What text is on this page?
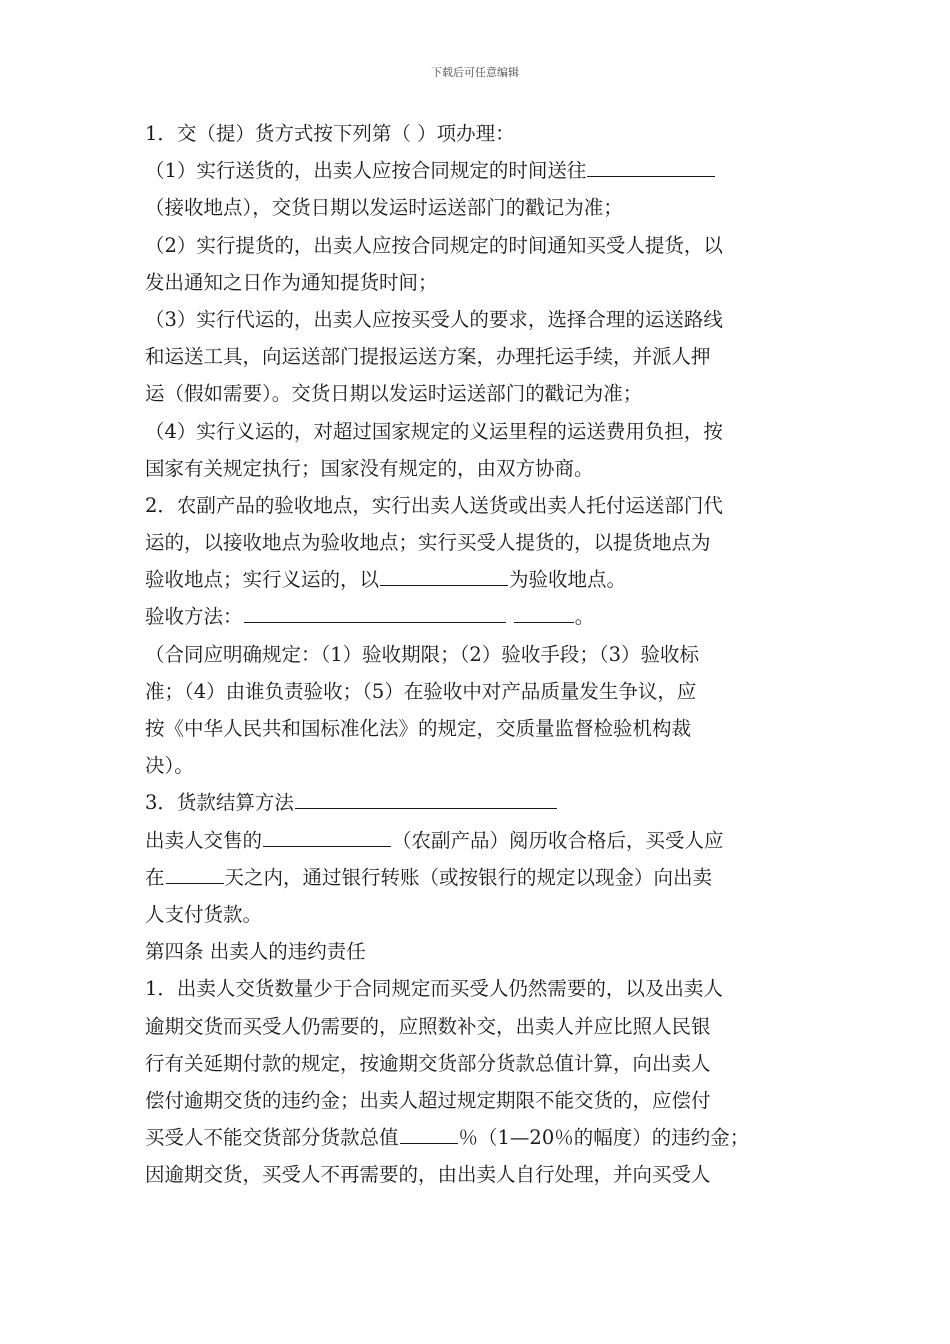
下载后可任意编辑
1．交（提）货方式按下列第（ ）项办理：
（1）实行送货的，出卖人应按合同规定的时间送往
（接收地点），交货日期以发运时运送部门的戳记为准；
（2）实行提货的，出卖人应按合同规定的时间通知买受人提货，以
发出通知之日作为通知提货时间；
（3）实行代运的，出卖人应按买受人的要求，选择合理的运送路线
和运送工具，向运送部门提报运送方案，办理托运手续，并派人押
运（假如需要）。交货日期以发运时运送部门的戳记为准；
（4）实行义运的，对超过国家规定的义运里程的运送费用负担，按
国家有关规定执行；国家没有规定的，由双方协商。
2．农副产品的验收地点，实行出卖人送货或出卖人托付运送部门代
运的，以接收地点为验收地点；实行买受人提货的，以提货地点为
验收地点；实行义运的，以	为验收地点。
验收方法：	。
（合同应明确规定：（1）验收期限；（2）验收手段；（3）验收标
准；（4）由谁负责验收；（5）在验收中对产品质量发生争议，应
按《中华人民共和国标准化法》的规定，交质量监督检验机构裁
决）。
3．货款结算方法
出卖人交售的	（农副产品）阅历收合格后，买受人应
在	天之内，通过银行转账（或按银行的规定以现金）向出卖
人支付货款。
第四条 出卖人的违约责任
1．出卖人交货数量少于合同规定而买受人仍然需要的，以及出卖人
逾期交货而买受人仍需要的，应照数补交，出卖人并应比照人民银
行有关延期付款的规定，按逾期交货部分货款总值计算，向出卖人
偿付逾期交货的违约金；出卖人超过规定期限不能交货的，应偿付
买受人不能交货部分货款总值	％（1—20％的幅度）的违约金；
因逾期交货，买受人不再需要的，由出卖人自行处理，并向买受人
